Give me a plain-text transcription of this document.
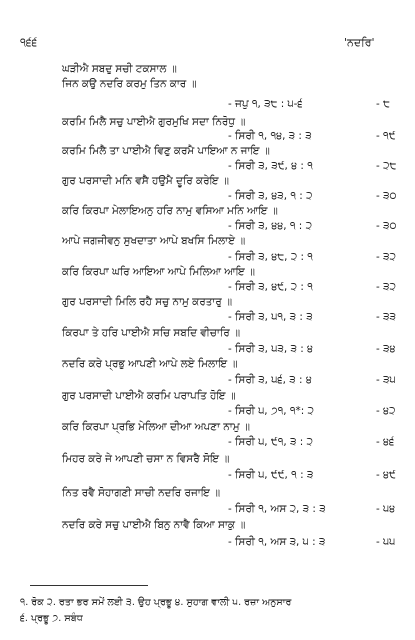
੧੬੬	'ਨਦਰਿ'
ਘੜੀਐ ਸਬਦੁ ਸਚੀ ਟਕਸਾਲ ॥
ਜਿਨ ਕਉ ਨਦਰਿ ਕਰਮੁ ਤਿਨ ਕਾਰ ॥
- ਜਪੁ ੧, ੩੮ : ੫-੬	- ੮
ਕਰਮਿ ਮਿਲੈ ਸਚੁ ਪਾਈਐ ਗੁਰਮੁਖਿ ਸਦਾ ਨਿਰੋਧੁ ॥
- ਸਿਰੀ ੧, ੧੪, ੩ : ੩	- ੧੯
ਕਰਮਿ ਮਿਲੈ ਤਾ ਪਾਈਐ ਵਿਣੁ ਕਰਮੈ ਪਾਇਆ ਨ ਜਾਇ ॥
- ਸਿਰੀ ੩, ੩੯, ੪ : ੧	- ੨੮
ਗੁਰ ਪਰਸਾਦੀ ਮਨਿ ਵਸੈ ਹਉਮੈ ਦੂਰਿ ਕਰੇਇ ॥
- ਸਿਰੀ ੩, ੪੩, ੧ : ੨	- ੩੦
ਕਰਿ ਕਿਰਪਾ ਮੇਲਾਇਅਨੁ ਹਰਿ ਨਾਮੁ ਵਸਿਆ ਮਨਿ ਆਇ ॥
- ਸਿਰੀ ੩, ੪੪, ੧ : ੨	- ੩੦
ਆਪੇ ਜਗਜੀਵਨੁ ਸੁਖਦਾਤਾ ਆਪੇ ਬਖਸਿ ਮਿਲਾਏ ॥
- ਸਿਰੀ ੩, ੪੮, ੨ : ੧	- ੩੨
ਕਰਿ ਕਿਰਪਾ ਘਰਿ ਆਇਆ ਆਪੇ ਮਿਲਿਆ ਆਇ ॥
- ਸਿਰੀ ੩, ੪੯, ੨ : ੧	- ੩੨
ਗੁਰ ਪਰਸਾਦੀ ਮਿਲਿ ਰਹੈ ਸਚੁ ਨਾਮੁ ਕਰਤਾਰੁ ॥
- ਸਿਰੀ ੩, ੫੧, ੩ : ੩	- ੩੩
ਕਿਰਪਾ ਤੇ ਹਰਿ ਪਾਈਐ ਸਚਿ ਸਬਦਿ ਵੀਚਾਰਿ ॥
- ਸਿਰੀ ੩, ੫੩, ੩ : ੪	- ੩੪
ਨਦਰਿ ਕਰੇ ਪ੍ਰਭੁ ਆਪਣੀ ਆਪੇ ਲਏ ਮਿਲਾਇ ॥
- ਸਿਰੀ ੩, ੫੬, ੩ : ੪	- ੩੫
ਗੁਰ ਪਰਸਾਦੀ ਪਾਈਐ ਕਰਮਿ ਪਰਾਪਤਿ ਹੋਇ ॥
- ਸਿਰੀ ੫, ੭੧, ੧*: ੨	- ੪੨
ਕਰਿ ਕਿਰਪਾ ਪ੍ਰਭਿ ਮੇਲਿਆ ਦੀਆ ਅਪਣਾ ਨਾਮੁ ॥
- ਸਿਰੀ ੫, ੯੧, ੩ : ੨	- ੪੬
ਮਿਹਰ ਕਰੇ ਜੇ ਆਪਣੀ ਚਸਾ ਨ ਵਿਸਰੈ ਸੋਇ ॥
- ਸਿਰੀ ੫, ੯੯, ੧ : ੩	- ੪੯
ਨਿਤ ਰਵੈ ਸੋਹਾਗਣੀ ਸਾਚੀ ਨਦਰਿ ਰਜਾਇ ॥
- ਸਿਰੀ ੧, ਅਸ ੨, ੩ : ੩	- ੫੪
ਨਦਰਿ ਕਰੇ ਸਚੁ ਪਾਈਐ ਬਿਨੁ ਨਾਵੈ ਕਿਆ ਸਾਕੁ ॥
- ਸਿਰੀ ੧, ਅਸ ੩, ੫ : ੩	- ੫੫
੧. ਰੋਕ ੨. ਰਤਾ ਭਰ ਸਮੇਂ ਲਈ ੩. ਉਹ ਪ੍ਰਭੂ ੪. ਸੁਹਾਗ ਵਾਲੀ ੫. ਰਜ਼ਾ ਅਨੁਸਾਰ
੬. ਪ੍ਰਭੂ ੭. ਸਬੰਧ
